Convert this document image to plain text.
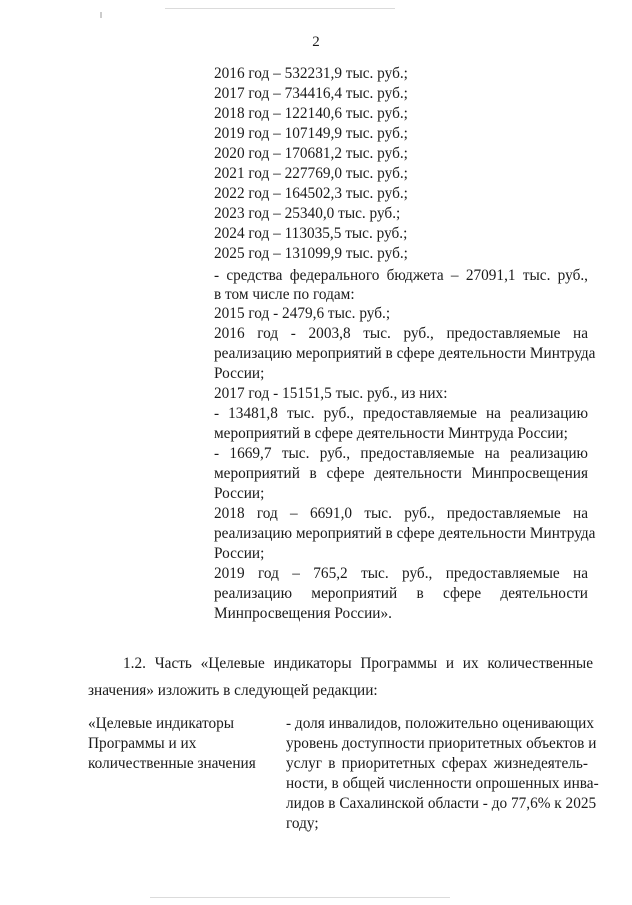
2
2016 год – 532231,9 тыс. руб.;
2017 год – 734416,4 тыс. руб.;
2018 год – 122140,6 тыс. руб.;
2019 год – 107149,9 тыс. руб.;
2020 год – 170681,2 тыс. руб.;
2021 год – 227769,0 тыс. руб.;
2022 год – 164502,3 тыс. руб.;
2023 год – 25340,0 тыс. руб.;
2024 год – 113035,5 тыс. руб.;
2025 год – 131099,9 тыс. руб.;
- средства федерального бюджета – 27091,1 тыс. руб.,
в том числе по годам:
2015 год - 2479,6 тыс. руб.;
2016 год - 2003,8 тыс. руб., предоставляемые на
реализацию мероприятий в сфере деятельности Минтруда
России;
2017 год - 15151,5 тыс. руб., из них:
- 13481,8 тыс. руб., предоставляемые на реализацию
мероприятий в сфере деятельности Минтруда России;
- 1669,7 тыс. руб., предоставляемые на реализацию
мероприятий в сфере деятельности Минпросвещения
России;
2018 год – 6691,0 тыс. руб., предоставляемые на
реализацию мероприятий в сфере деятельности Минтруда
России;
2019 год – 765,2 тыс. руб., предоставляемые на
реализацию мероприятий в сфере деятельности
Минпросвещения России».
1.2. Часть «Целевые индикаторы Программы и их количественные
значения» изложить в следующей редакции:
«Целевые индикаторы
Программы и их
количественные значения
- доля инвалидов, положительно оценивающих
уровень доступности приоритетных объектов и
услуг в приоритетных сферах жизнедеятель-
ности, в общей численности опрошенных инва-
лидов в Сахалинской области - до 77,6% к 2025
году;
